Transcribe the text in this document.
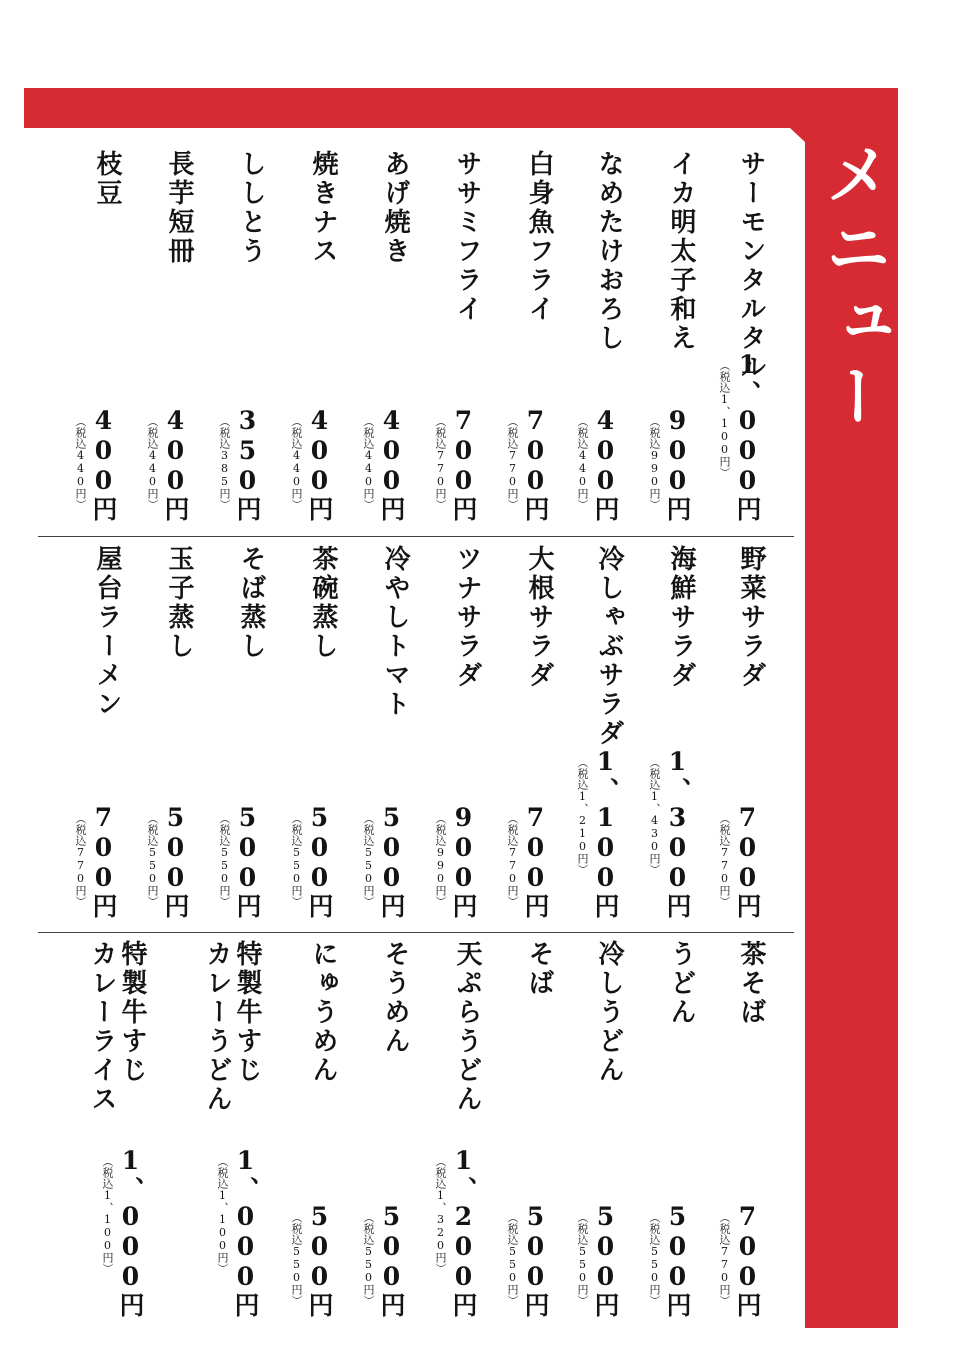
メニュー
サーモンタルタル
1、000円
（税込1、100円）
イカ明太子和え
900円
（税込990円）
なめたけおろし
400円
（税込440円）
白身魚フライ
700円
（税込770円）
ササミフライ
700円
（税込770円）
あげ焼き
400円
（税込440円）
焼きナス
400円
（税込440円）
ししとう
350円
（税込385円）
長芋短冊
400円
（税込440円）
枝豆
400円
（税込440円）
野菜サラダ
700円
（税込770円）
海鮮サラダ
1、300円
（税込1、430円）
冷しゃぶサラダ
1、100円
（税込1、210円）
大根サラダ
700円
（税込770円）
ツナサラダ
900円
（税込990円）
冷やしトマト
500円
（税込550円）
茶碗蒸し
500円
（税込550円）
そば蒸し
500円
（税込550円）
玉子蒸し
500円
（税込550円）
屋台ラーメン
700円
（税込770円）
茶そば
700円
（税込770円）
うどん
500円
（税込550円）
冷しうどん
500円
（税込550円）
そば
500円
（税込550円）
天ぷらうどん
1、200円
（税込1、320円）
そうめん
500円
（税込550円）
にゅうめん
500円
（税込550円）
特製牛すじ
カレーうどん
1、000円
（税込1、100円）
特製牛すじ
カレーライス
1、000円
（税込1、100円）
